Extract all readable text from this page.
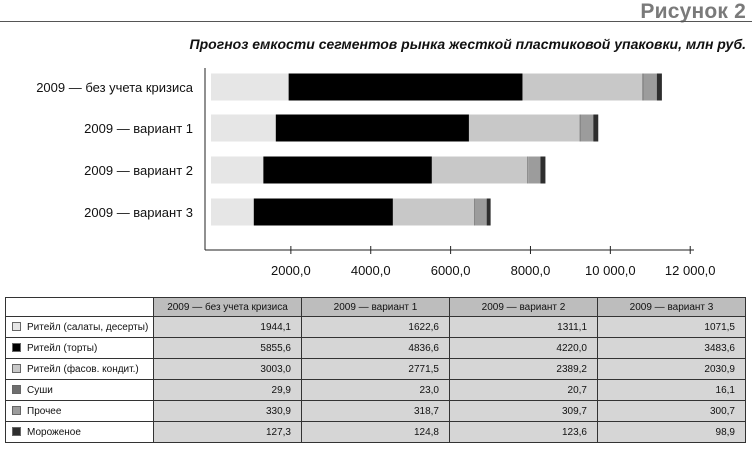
Рисунок 2
Прогноз емкости сегментов рынка жесткой пластиковой упаковки, млн руб.
2009 — без учета кризиса
2009 — вариант 1
2009 — вариант 2
2009 — вариант 3
2000,0	4000,0	6000,0	8000,0	10 000,0 12 000,0
	2009 — без учета кризиса	2009 — вариант 1	2009 — вариант 2	2009 — вариант 3
Ритейл (салаты, десерты)	1944,1	1622,6	1311,1	1071,5
Ритейл (торты)	5855,6	4836,6	4220,0	3483,6
Ритейл (фасов. кондит.)	3003,0	2771,5	2389,2	2030,9
Суши	29,9	23,0	20,7	16,1
Прочее	330,9	318,7	309,7	300,7
Мороженое	127,3	124,8	123,6	98,9
